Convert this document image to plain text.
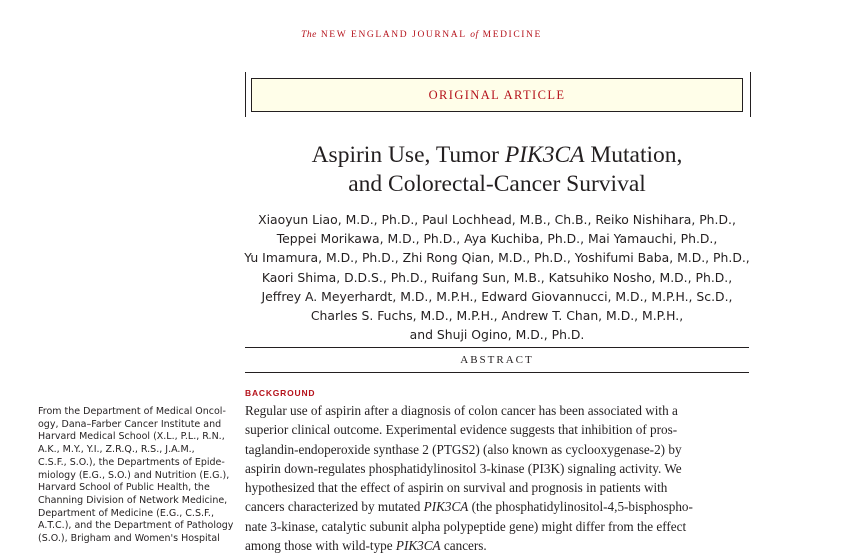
The NEW ENGLAND JOURNAL of MEDICINE
ORIGINAL ARTICLE
Aspirin Use, Tumor PIK3CA Mutation,
and Colorectal-Cancer Survival
Xiaoyun Liao, M.D., Ph.D., Paul Lochhead, M.B., Ch.B., Reiko Nishihara, Ph.D.,
Teppei Morikawa, M.D., Ph.D., Aya Kuchiba, Ph.D., Mai Yamauchi, Ph.D.,
Yu Imamura, M.D., Ph.D., Zhi Rong Qian, M.D., Ph.D., Yoshifumi Baba, M.D., Ph.D.,
Kaori Shima, D.D.S., Ph.D., Ruifang Sun, M.B., Katsuhiko Nosho, M.D., Ph.D.,
Jeffrey A. Meyerhardt, M.D., M.P.H., Edward Giovannucci, M.D., M.P.H., Sc.D.,
Charles S. Fuchs, M.D., M.P.H., Andrew T. Chan, M.D., M.P.H.,
and Shuji Ogino, M.D., Ph.D.
ABSTRACT
BACKGROUND
Regular use of aspirin after a diagnosis of colon cancer has been associated with a
superior clinical outcome. Experimental evidence suggests that inhibition of pros-
taglandin-endoperoxide synthase 2 (PTGS2) (also known as cyclooxygenase-2) by
aspirin down-regulates phosphatidylinositol 3-kinase (PI3K) signaling activity. We
hypothesized that the effect of aspirin on survival and prognosis in patients with
cancers characterized by mutated PIK3CA (the phosphatidylinositol-4,5-bisphospho-
nate 3-kinase, catalytic subunit alpha polypeptide gene) might differ from the effect
among those with wild-type PIK3CA cancers.
From the Department of Medical Oncol-
ogy, Dana–Farber Cancer Institute and
Harvard Medical School (X.L., P.L., R.N.,
A.K., M.Y., Y.I., Z.R.Q., R.S., J.A.M.,
C.S.F., S.O.), the Departments of Epide-
miology (E.G., S.O.) and Nutrition (E.G.),
Harvard School of Public Health, the
Channing Division of Network Medicine,
Department of Medicine (E.G., C.S.F.,
A.T.C.), and the Department of Pathology
(S.O.), Brigham and Women's Hospital
